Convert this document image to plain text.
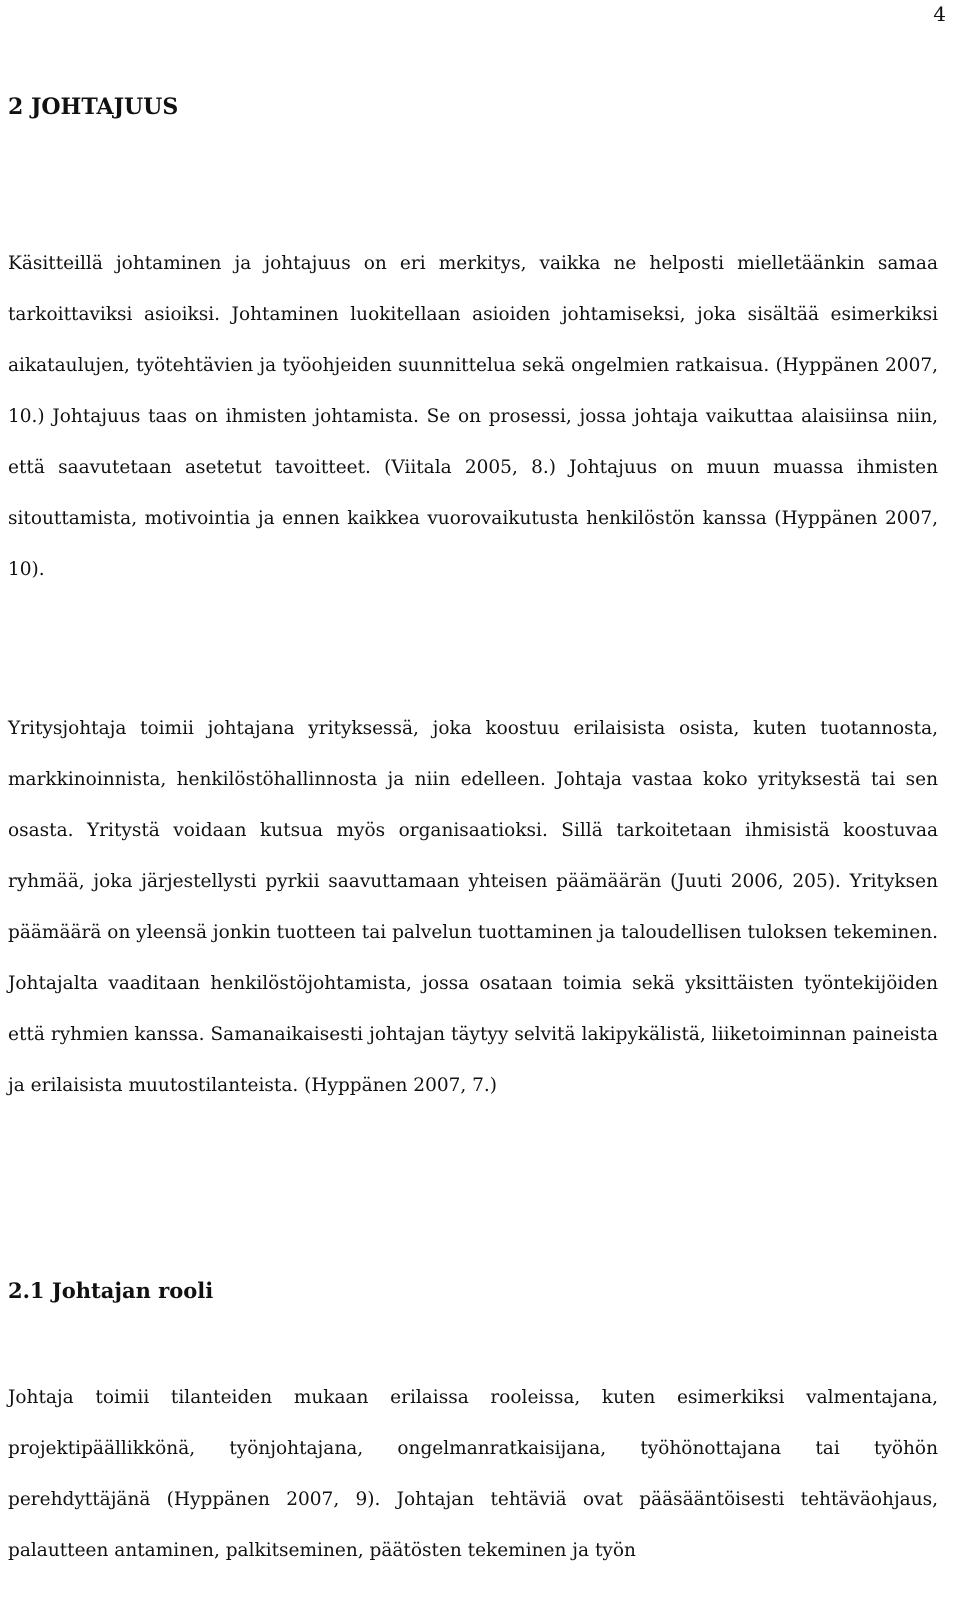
4

2 JOHTAJUUS

Käsitteillä johtaminen ja johtajuus on eri merkitys, vaikka ne helposti mielletäänkin samaa tarkoittaviksi asioiksi. Johtaminen luokitellaan asioiden johtamiseksi, joka sisältää esimerkiksi aikataulujen, työtehtävien ja työohjeiden suunnittelua sekä ongelmien ratkaisua. (Hyppänen 2007, 10.) Johtajuus taas on ihmisten johtamista. Se on prosessi, jossa johtaja vaikuttaa alaisiinsa niin, että saavutetaan asetetut tavoitteet. (Viitala 2005, 8.) Johtajuus on muun muassa ihmisten sitouttamista, motivointia ja ennen kaikkea vuorovaikutusta henkilöstön kanssa (Hyppänen 2007, 10).

Yritysjohtaja toimii johtajana yrityksessä, joka koostuu erilaisista osista, kuten tuotannosta, markkinoinnista, henkilöstöhallinnosta ja niin edelleen. Johtaja vastaa koko yrityksestä tai sen osasta. Yritystä voidaan kutsua myös organisaatioksi. Sillä tarkoitetaan ihmisistä koostuvaa ryhmää, joka järjestellysti pyrkii saavuttamaan yhteisen päämäärän (Juuti 2006, 205). Yrityksen päämäärä on yleensä jonkin tuotteen tai palvelun tuottaminen ja taloudellisen tuloksen tekeminen. Johtajalta vaaditaan henkilöstöjohtamista, jossa osataan toimia sekä yksittäisten työntekijöiden että ryhmien kanssa. Samanaikaisesti johtajan täytyy selvitä lakipykälistä, liiketoiminnan paineista ja erilaisista muutostilanteista. (Hyppänen 2007, 7.)

2.1 Johtajan rooli

Johtaja toimii tilanteiden mukaan erilaissa rooleissa, kuten esimerkiksi valmentajana, projektipäällikkönä, työnjohtajana, ongelmanratkaisijana, työhönottajana tai työhön perehdyttäjänä (Hyppänen 2007, 9). Johtajan tehtäviä ovat pääsääntöisesti tehtäväohjaus, palautteen antaminen, palkitseminen, päätösten tekeminen ja työn
